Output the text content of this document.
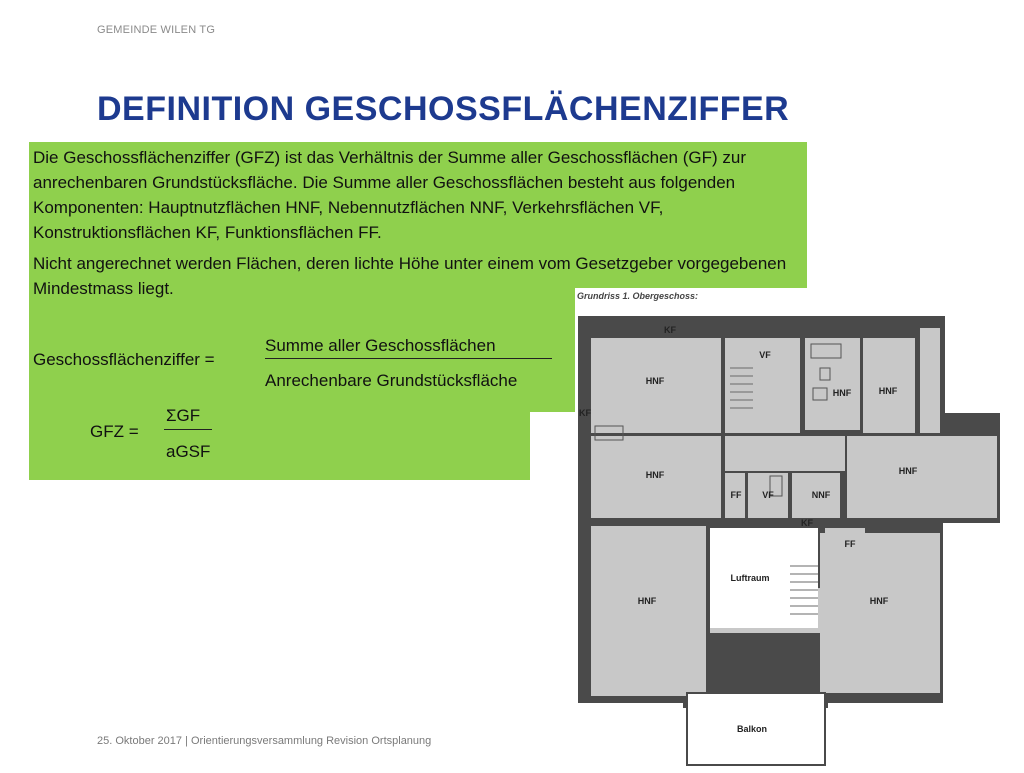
GEMEINDE WILEN TG
DEFINITION GESCHOSSFLÄCHENZIFFER

Die Geschossflächenziffer (GFZ) ist das Verhältnis der Summe aller Geschossflächen (GF) zur anrechenbaren Grundstücksfläche. Die Summe aller Geschossflächen besteht aus folgenden Komponenten: Hauptnutzflächen HNF, Nebennutzflächen NNF, Verkehrsflächen VF, Konstruktionsflächen KF, Funktionsflächen FF.

Nicht angerechnet werden Flächen, deren lichte Höhe unter einem vom Gesetzgeber vorgegebenen Mindestmass liegt.

Geschossflächenziffer =
Summe aller Geschossflächen
Anrechenbare Grundstücksfläche
GFZ =
ΣGF
aGSF
KF
KF
KF
VF
VF
HNF
HNF
HNF
HNF	HNF
HNF
HNF
FF
FF
NNF
Luftraum
Balkon
Grundriss 1. Obergeschoss:
25. Oktober 2017 | Orientierungsversammlung Revision Ortsplanung
